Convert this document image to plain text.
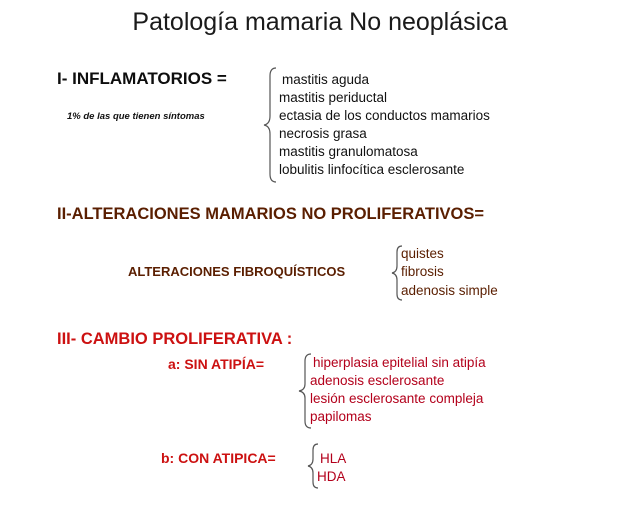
Patología mamaria No neoplásica
I- INFLAMATORIOS =
1% de las que tienen síntomas
mastitis aguda
mastitis periductal
ectasia de los conductos mamarios
necrosis grasa
mastitis granulomatosa
lobulitis linfocítica esclerosante
II-ALTERACIONES MAMARIOS NO PROLIFERATIVOS=
ALTERACIONES FIBROQUÍSTICOS
quistes
fibrosis
adenosis simple
III- CAMBIO PROLIFERATIVA :
a: SIN ATIPÍA=	hiperplasia epitelial sin atipía
adenosis esclerosante
lesión esclerosante compleja
papilomas
b: CON ATIPICA=	HLA
HDA
